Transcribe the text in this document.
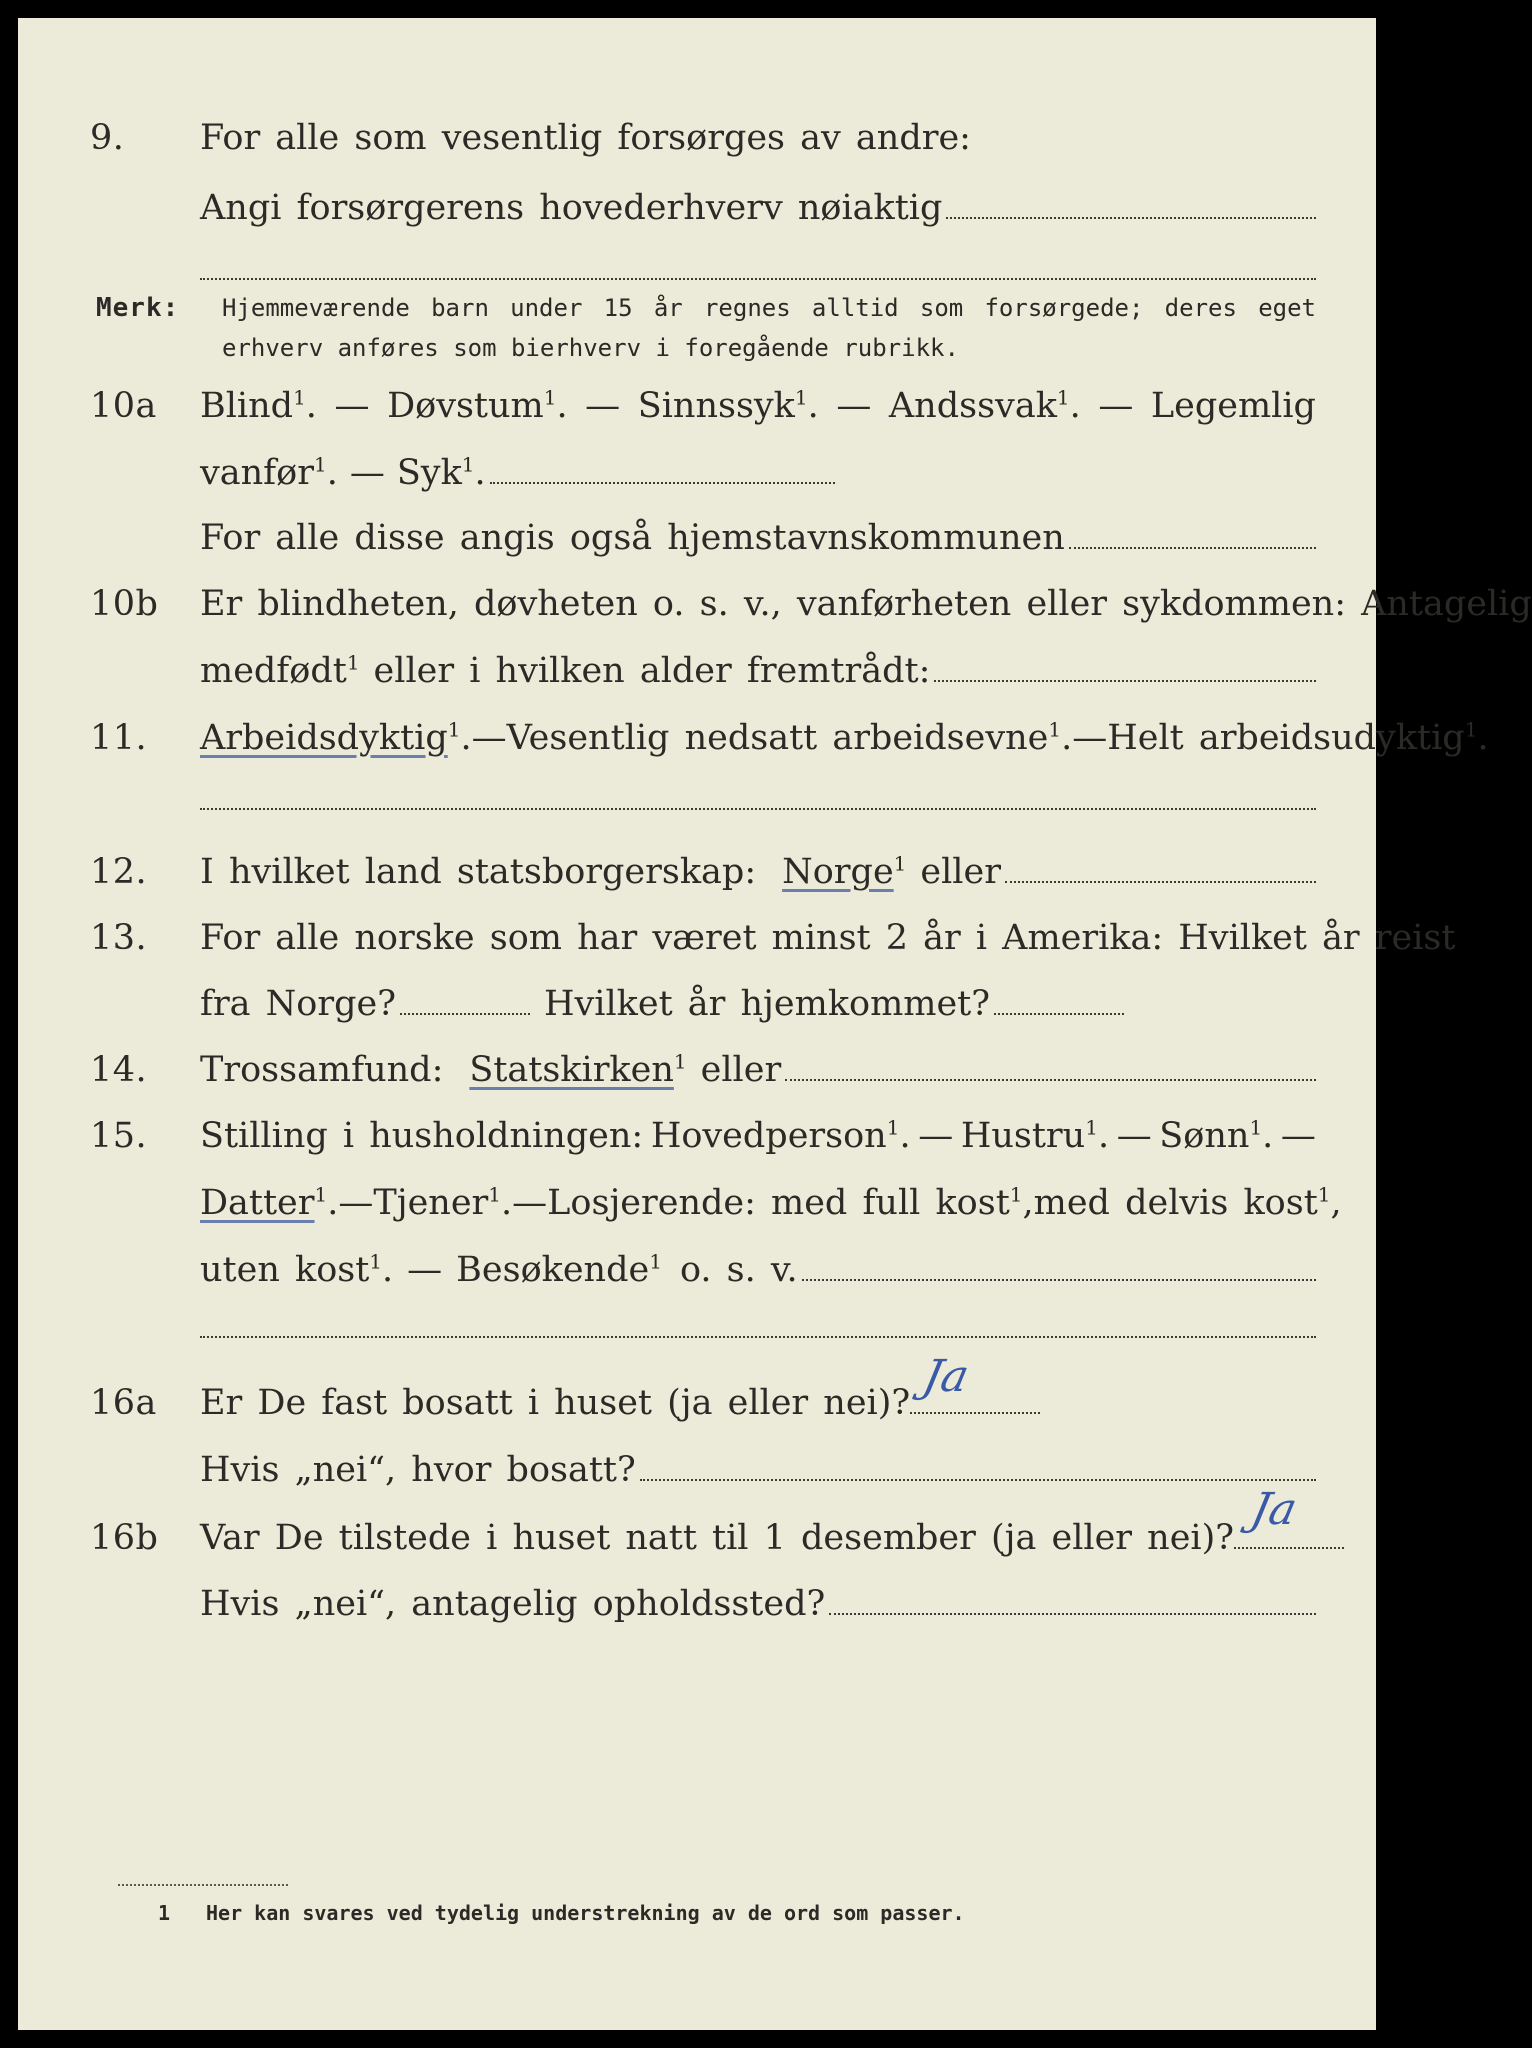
9.	For alle som vesentlig forsørges av andre:
Angi forsørgerens hovederhverv nøiaktig
Merk: Hjemmeværende barn under 15 år regnes alltid som forsørgede; deres eget erhverv anføres som bierhverv i foregående rubrikk.
10a	Blind$^1$. — Døvstum$^1$. — Sinnssyk$^1$. — Andssvak$^1$. — Legemlig
vanfør$^1$. — Syk$^1$.
For alle disse angis også hjemstavnskommunen
10b	Er blindheten, døvheten o. s. v., vanførheten eller sykdommen: Antagelig
medfødt$^1$ eller i hvilken alder fremtrådt:
11.	Arbeidsdyktig$^1$. — Vesentlig nedsatt arbeidsevne$^1$. — Helt arbeidsudyktig$^1$.
12.	I hvilket land statsborgerskap: Norge$^1$ eller
13.	For alle norske som har været minst 2 år i Amerika: Hvilket år reist
fra Norge?	Hvilket år hjemkommet?
14.	Trossamfund: Statskirken$^1$ eller
15.	Stilling i husholdningen: Hovedperson$^1$. — Hustru$^1$. — Sønn$^1$. —
Datter$^1$. — Tjener$^1$. — Losjerende: med full kost$^1$, med delvis kost$^1$,
uten kost$^1$. — Besøkende$^1$ o. s. v.
16a	Er De fast bosatt i huset (ja eller nei)?
Ja
Hvis „nei“, hvor bosatt?
16b	Var De tilstede i huset natt til 1 desember (ja eller nei)?
Ja
Hvis „nei“, antagelig opholdssted?
1 Her kan svares ved tydelig understrekning av de ord som passer.
